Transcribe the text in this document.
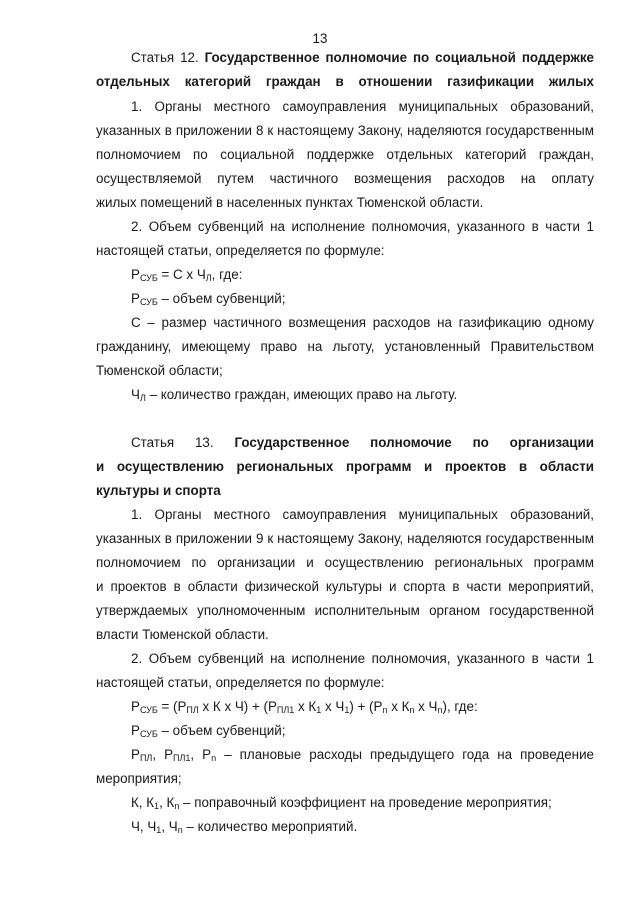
13
Статья 12. Государственное полномочие по социальной поддержке
отдельных категорий граждан в отношении газификации жилых
1. Органы местного самоуправления муниципальных образований,
указанных в приложении 8 к настоящему Закону, наделяются государственным
полномочием по социальной поддержке отдельных категорий граждан,
осуществляемой путем частичного возмещения расходов на оплату
жилых помещений в населенных пунктах Тюменской области.
2. Объем субвенций на исполнение полномочия, указанного в части 1
настоящей статьи, определяется по формуле:
$Р_{СУБ} = С$ х $Ч_Л$, где:
$Р_{СУБ}$ – объем субвенций;
С – размер частичного возмещения расходов на газификацию одному
гражданину, имеющему право на льготу, установленный Правительством
Тюменской области;
$Ч_Л$ – количество граждан, имеющих право на льготу.
Статья 13. Государственное полномочие по организации
и осуществлению региональных программ и проектов в области
культуры и спорта
1. Органы местного самоуправления муниципальных образований,
указанных в приложении 9 к настоящему Закону, наделяются государственным
полномочием по организации и осуществлению региональных программ
и проектов в области физической культуры и спорта в части мероприятий,
утверждаемых уполномоченным исполнительным органом государственной
власти Тюменской области.
2. Объем субвенций на исполнение полномочия, указанного в части 1
настоящей статьи, определяется по формуле:
$Р_{СУБ} = (Р_{ПЛ}$ х К х $Ч) + (Р_{ПЛ1}$ х $К_1$ х $Ч_1) + (Р_n$ х $К_n$ х $Ч_n$), где:
$Р_{СУБ}$ – объем субвенций;
$Р_{ПЛ}$, $Р_{ПЛ1}$, $Р_n$ – плановые расходы предыдущего года на проведение
мероприятия;
К, $К_1$, $К_n$ – поправочный коэффициент на проведение мероприятия;
Ч, $Ч_1$, $Ч_n$ – количество мероприятий.
